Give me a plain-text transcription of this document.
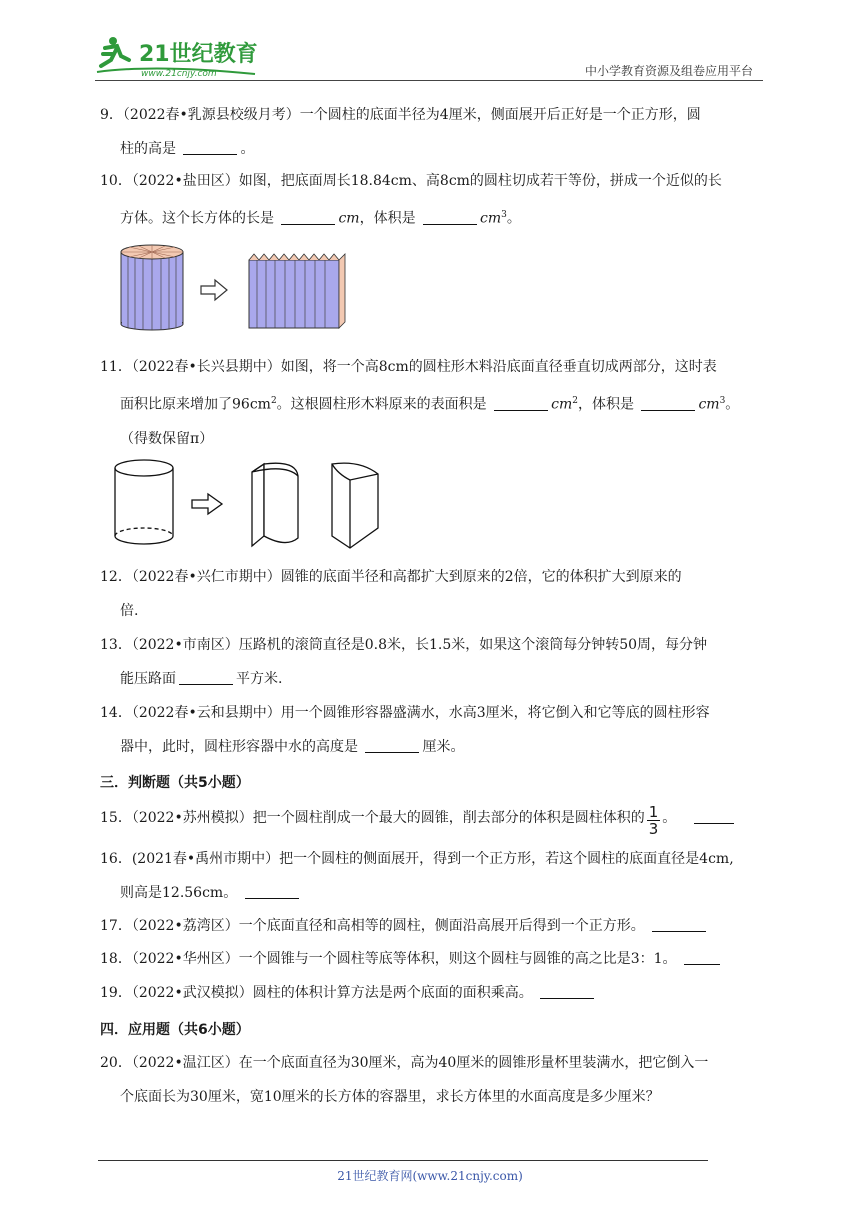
21世纪教育
www.21cnjy.com	中小学教育资源及组卷应用平台
9．（2022春•乳源县校级月考）一个圆柱的底面半径为4厘米，侧面展开后正好是一个正方形，圆
柱的高是	。
10．（2022•盐田区）如图，把底面周长18.84cm、高8cm的圆柱切成若干等份，拼成一个近似的长
方体。这个长方体的长是	cm，体积是	$cm^3$。
11．（2022春•长兴县期中）如图，将一个高8cm的圆柱形木料沿底面直径垂直切成两部分，这时表
面积比原来增加了$96cm^2$。这根圆柱形木料原来的表面积是	$cm^2$，体积是	$cm^3$。
（得数保留π）
12．（2022春•兴仁市期中）圆锥的底面半径和高都扩大到原来的2倍，它的体积扩大到原来的
倍.
13．（2022•市南区）压路机的滚筒直径是0.8米，长1.5米，如果这个滚筒每分钟转50周，每分钟
能压路面	平方米.
14．（2022春•云和县期中）用一个圆锥形容器盛满水，水高3厘米，将它倒入和它等底的圆柱形容
器中，此时，圆柱形容器中水的高度是	厘米。
三．判断题（共5小题）
15．（2022•苏州模拟）把一个圆柱削成一个最大的圆锥，削去部分的体积是圆柱体积的 $\frac{1}{3}$ 。
16．(2021春•禹州市期中）把一个圆柱的侧面展开，得到一个正方形，若这个圆柱的底面直径是4cm,
则高是12.56cm。
17．（2022•荔湾区）一个底面直径和高相等的圆柱，侧面沿高展开后得到一个正方形。
18．（2022•华州区）一个圆锥与一个圆柱等底等体积，则这个圆柱与圆锥的高之比是3：1。
19．（2022•武汉模拟）圆柱的体积计算方法是两个底面的面积乘高。
四．应用题（共6小题）
20．（2022•温江区）在一个底面直径为30厘米，高为40厘米的圆锥形量杯里装满水，把它倒入一
个底面长为30厘米，宽10厘米的长方体的容器里，求长方体里的水面高度是多少厘米？
21世纪教育网(www.21cnjy.com)
